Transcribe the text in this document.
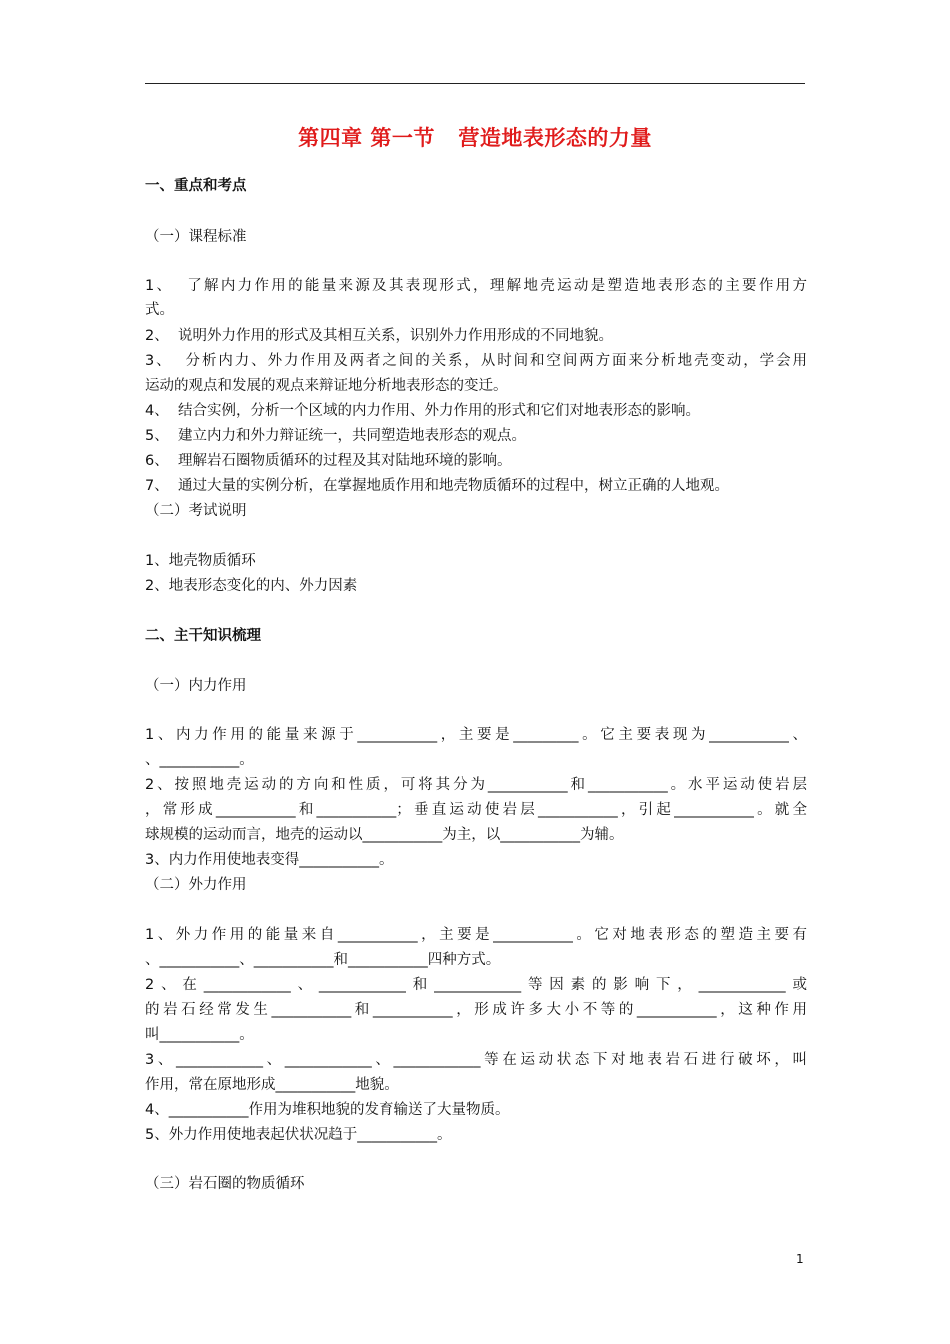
第四章 第一节   营造地表形态的力量
一、重点和考点
（一）课程标准
1、  了解内力作用的能量来源及其表现形式，理解地壳运动是塑造地表形态的主要作用方
式。
2、  说明外力作用的形式及其相互关系，识别外力作用形成的不同地貌。
3、  分析内力、外力作用及两者之间的关系，从时间和空间两方面来分析地壳变动，学会用
运动的观点和发展的观点来辩证地分析地表形态的变迁。
4、  结合实例，分析一个区域的内力作用、外力作用的形式和它们对地表形态的影响。
5、  建立内力和外力辩证统一，共同塑造地表形态的观点。
6、  理解岩石圈物质循环的过程及其对陆地环境的影响。
7、  通过大量的实例分析，在掌握地质作用和地壳物质循环的过程中，树立正确的人地观。
（二）考试说明
1、地壳物质循环
2、地表形态变化的内、外力因素
二、主干知识梳理
（一）内力作用
1、内力作用的能量来源于___________，主要是_________。它主要表现为___________、
、___________。
2、按照地壳运动的方向和性质，可将其分为___________和___________。水平运动使岩层
，常形成___________和___________；垂直运动使岩层___________，引起___________。就全
球规模的运动而言，地壳的运动以___________为主，以___________为辅。
3、内力作用使地表变得___________。
（二）外力作用
1、外力作用的能量来自___________，主要是___________。它对地表形态的塑造主要有
、___________、___________和___________四种方式。
2、在____________、____________和____________等因素的影响下，____________或
的岩石经常发生___________和___________，形成许多大小不等的___________，这种作用
叫___________。
3、____________、____________、____________等在运动状态下对地表岩石进行破坏，叫
作用，常在原地形成___________地貌。
4、___________作用为堆积地貌的发育输送了大量物质。
5、外力作用使地表起伏状况趋于___________。
（三）岩石圈的物质循环
1
